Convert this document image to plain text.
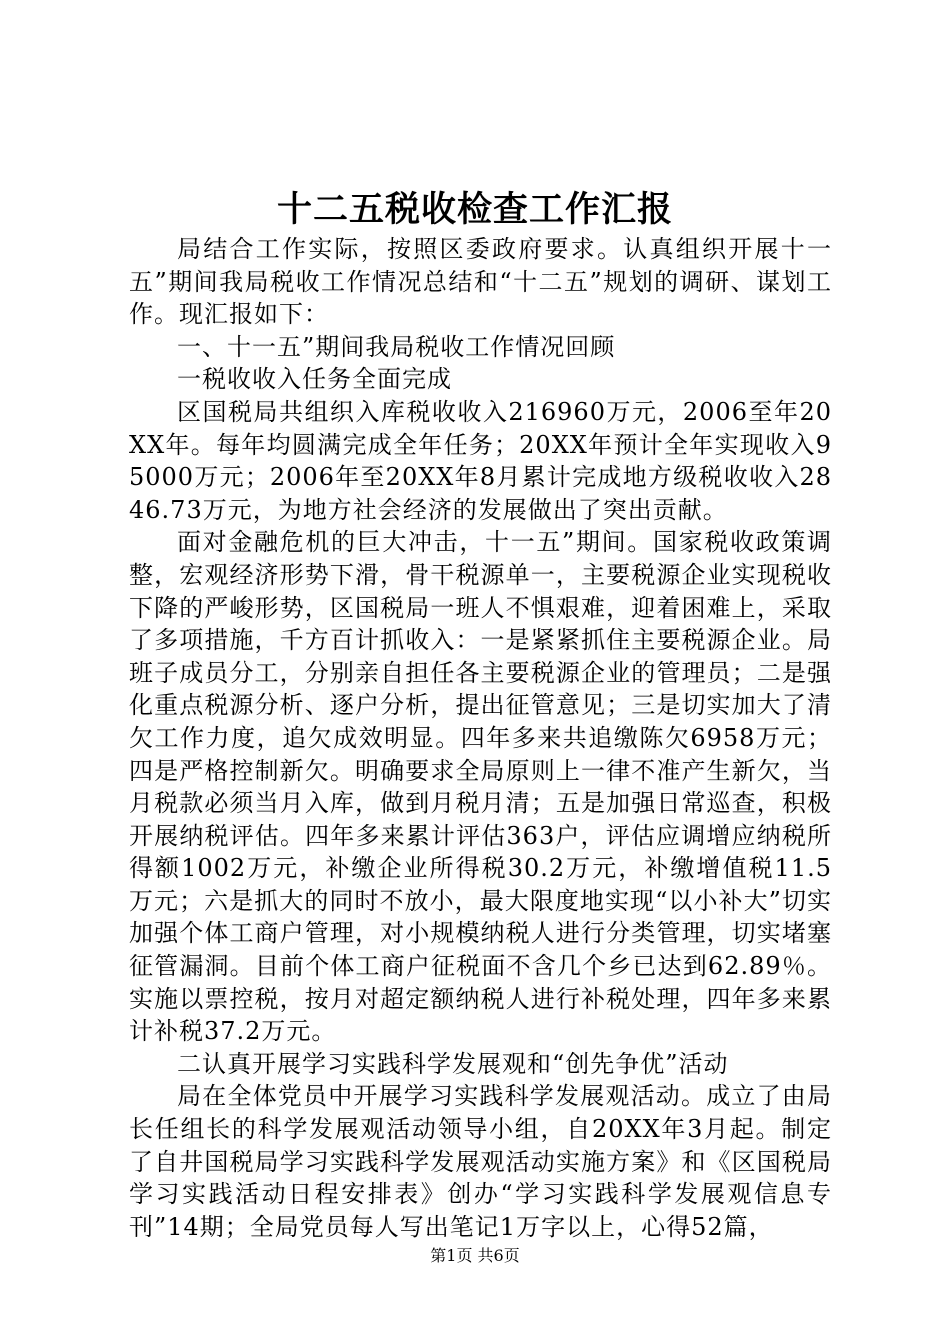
十二五税收检查工作汇报

局结合工作实际，按照区委政府要求。认真组织开展十一五”期间我局税收工作情况总结和“十二五”规划的调研、谋划工作。现汇报如下：

一、十一五”期间我局税收工作情况回顾

一税收收入任务全面完成

区国税局共组织入库税收收入216960万元，2006至年20XX年。每年均圆满完成全年任务；20XX年预计全年实现收入95000万元；2006年至20XX年8月累计完成地方级税收收入2846.73万元，为地方社会经济的发展做出了突出贡献。

面对金融危机的巨大冲击，十一五”期间。国家税收政策调整，宏观经济形势下滑，骨干税源单一，主要税源企业实现税收下降的严峻形势，区国税局一班人不惧艰难，迎着困难上，采取了多项措施，千方百计抓收入：一是紧紧抓住主要税源企业。局班子成员分工，分别亲自担任各主要税源企业的管理员；二是强化重点税源分析、逐户分析，提出征管意见；三是切实加大了清欠工作力度，追欠成效明显。四年多来共追缴陈欠6958万元；四是严格控制新欠。明确要求全局原则上一律不准产生新欠，当月税款必须当月入库，做到月税月清；五是加强日常巡查，积极开展纳税评估。四年多来累计评估363户，评估应调增应纳税所得额1002万元，补缴企业所得税30.2万元，补缴增值税11.5万元；六是抓大的同时不放小，最大限度地实现“以小补大”切实加强个体工商户管理，对小规模纳税人进行分类管理，切实堵塞征管漏洞。目前个体工商户征税面不含几个乡已达到62.89％。实施以票控税，按月对超定额纳税人进行补税处理，四年多来累计补税37.2万元。

二认真开展学习实践科学发展观和“创先争优”活动

局在全体党员中开展学习实践科学发展观活动。成立了由局长任组长的科学发展观活动领导小组，自20XX年3月起。制定了自井国税局学习实践科学发展观活动实施方案》和《区国税局学习实践活动日程安排表》创办“学习实践科学发展观信息专刊”14期；全局党员每人写出笔记1万字以上，心得52篇，

第1页 共6页
